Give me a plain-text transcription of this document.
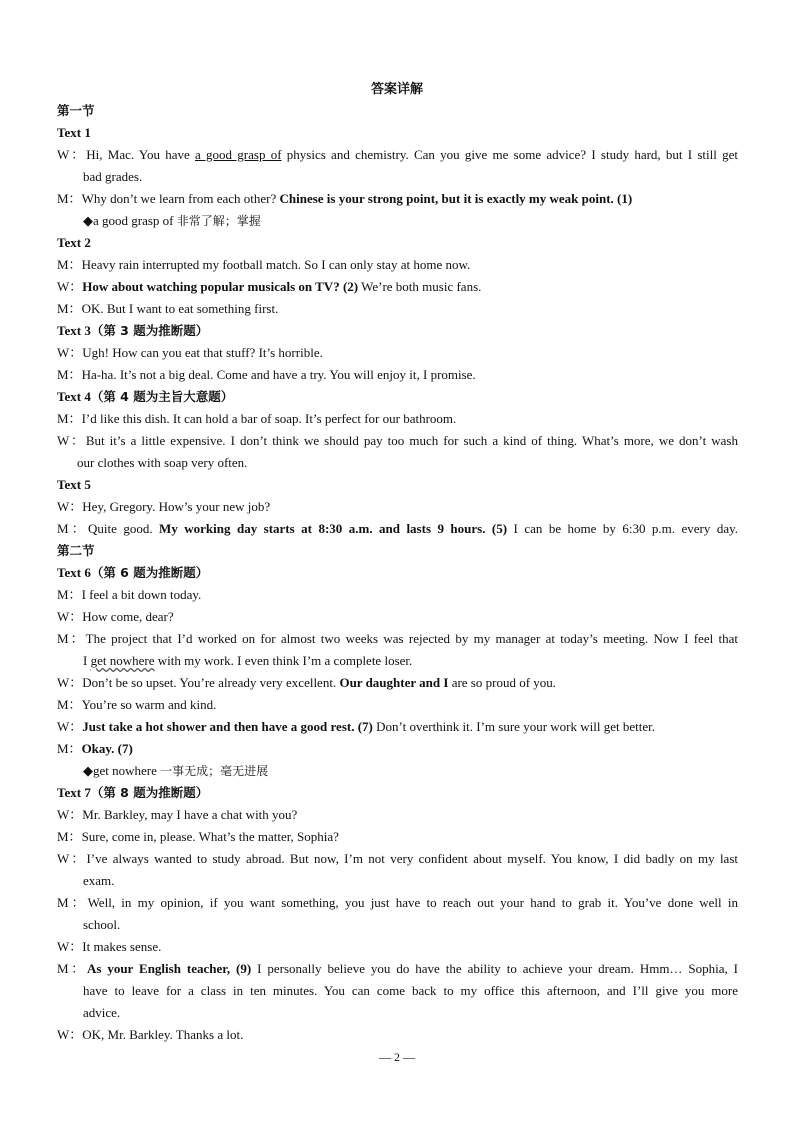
答案详解
第一节
Text 1
W：Hi, Mac. You have a good grasp of physics and chemistry. Can you give me some advice? I study hard, but I still get
bad grades.
M：Why don’t we learn from each other? Chinese is your strong point, but it is exactly my weak point. (1)
◆a good grasp of 非常了解；掌握
Text 2
M：Heavy rain interrupted my football match. So I can only stay at home now.
W：How about watching popular musicals on TV? (2) We’re both music fans.
M：OK. But I want to eat something first.
Text 3（第 3 题为推断题）
W：Ugh! How can you eat that stuff? It’s horrible.
M：Ha-ha. It’s not a big deal. Come and have a try. You will enjoy it, I promise.
Text 4（第 4 题为主旨大意题）
M：I’d like this dish. It can hold a bar of soap. It’s perfect for our bathroom.
W：But it’s a little expensive. I don’t think we should pay too much for such a kind of thing. What’s more, we don’t wash
our clothes with soap very often.
Text 5
W：Hey, Gregory. How’s your new job?
M：Quite good. My working day starts at 8:30 a.m. and lasts 9 hours. (5) I can be home by 6:30 p.m. every day.
第二节
Text 6（第 6 题为推断题）
M：I feel a bit down today.
W：How come, dear?
M：The project that I’d worked on for almost two weeks was rejected by my manager at today’s meeting. Now I feel that
I get nowhere with my work. I even think I’m a complete loser.
W：Don’t be so upset. You’re already very excellent. Our daughter and I are so proud of you.
M：You’re so warm and kind.
W：Just take a hot shower and then have a good rest. (7) Don’t overthink it. I’m sure your work will get better.
M：Okay. (7)
◆get nowhere 一事无成；毫无进展
Text 7（第 8 题为推断题）
W：Mr. Barkley, may I have a chat with you?
M：Sure, come in, please. What’s the matter, Sophia?
W：I’ve always wanted to study abroad. But now, I’m not very confident about myself. You know, I did badly on my last
exam.
M：Well, in my opinion, if you want something, you just have to reach out your hand to grab it. You’ve done well in
school.
W：It makes sense.
M：As your English teacher, (9) I personally believe you do have the ability to achieve your dream. Hmm… Sophia, I
have to leave for a class in ten minutes. You can come back to my office this afternoon, and I’ll give you more
advice.
W：OK, Mr. Barkley. Thanks a lot.
— 2 —
